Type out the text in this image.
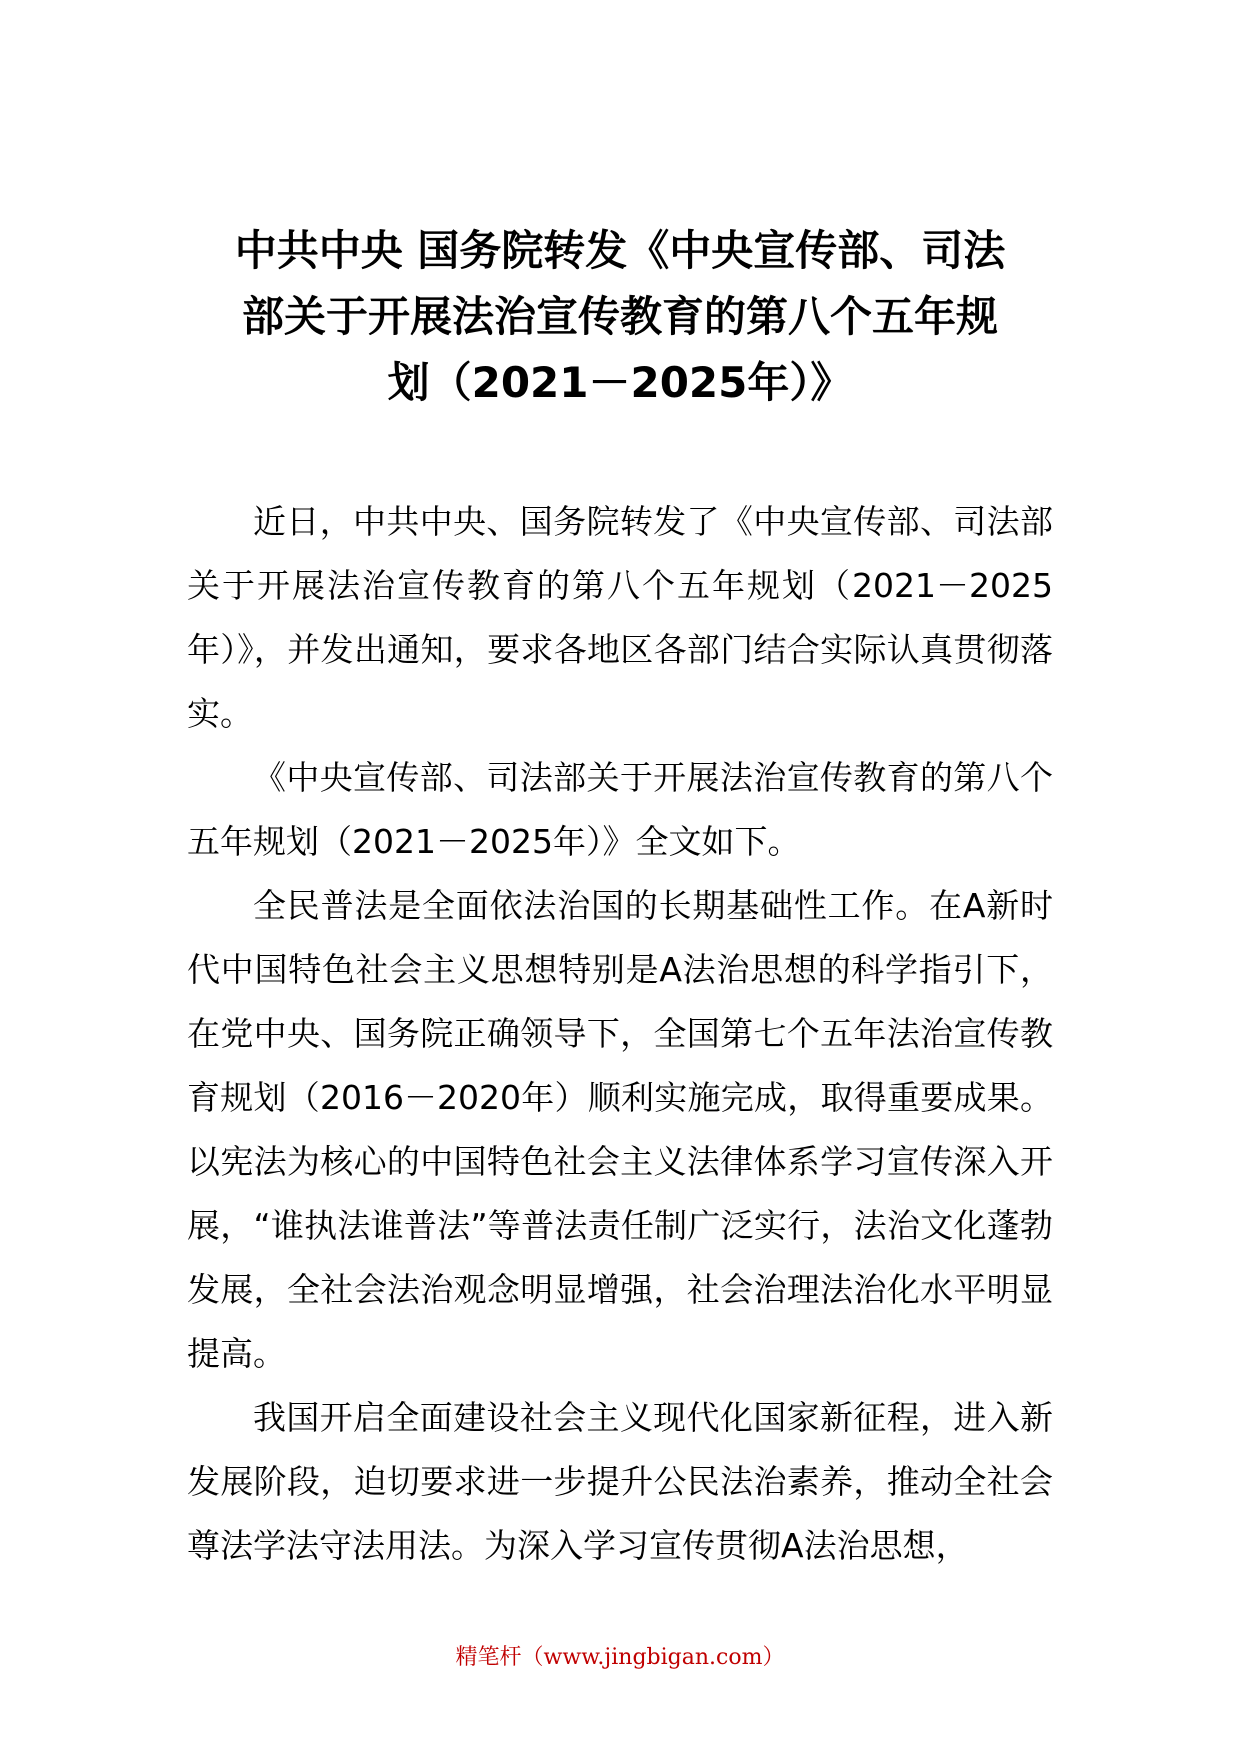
中共中央 国务院转发《中央宣传部、司法
部关于开展法治宣传教育的第八个五年规
划（2021－2025年）》

近日，中共中央、国务院转发了《中央宣传部、司法部关于开展法治宣传教育的第八个五年规划（2021－2025年）》，并发出通知，要求各地区各部门结合实际认真贯彻落实。

《中央宣传部、司法部关于开展法治宣传教育的第八个五年规划（2021－2025年）》全文如下。

全民普法是全面依法治国的长期基础性工作。在A新时代中国特色社会主义思想特别是A法治思想的科学指引下，在党中央、国务院正确领导下，全国第七个五年法治宣传教育规划（2016－2020年）顺利实施完成，取得重要成果。以宪法为核心的中国特色社会主义法律体系学习宣传深入开展，“谁执法谁普法”等普法责任制广泛实行，法治文化蓬勃发展，全社会法治观念明显增强，社会治理法治化水平明显提高。

我国开启全面建设社会主义现代化国家新征程，进入新发展阶段，迫切要求进一步提升公民法治素养，推动全社会尊法学法守法用法。为深入学习宣传贯彻A法治思想，

精笔杆（www.jingbigan.com）
